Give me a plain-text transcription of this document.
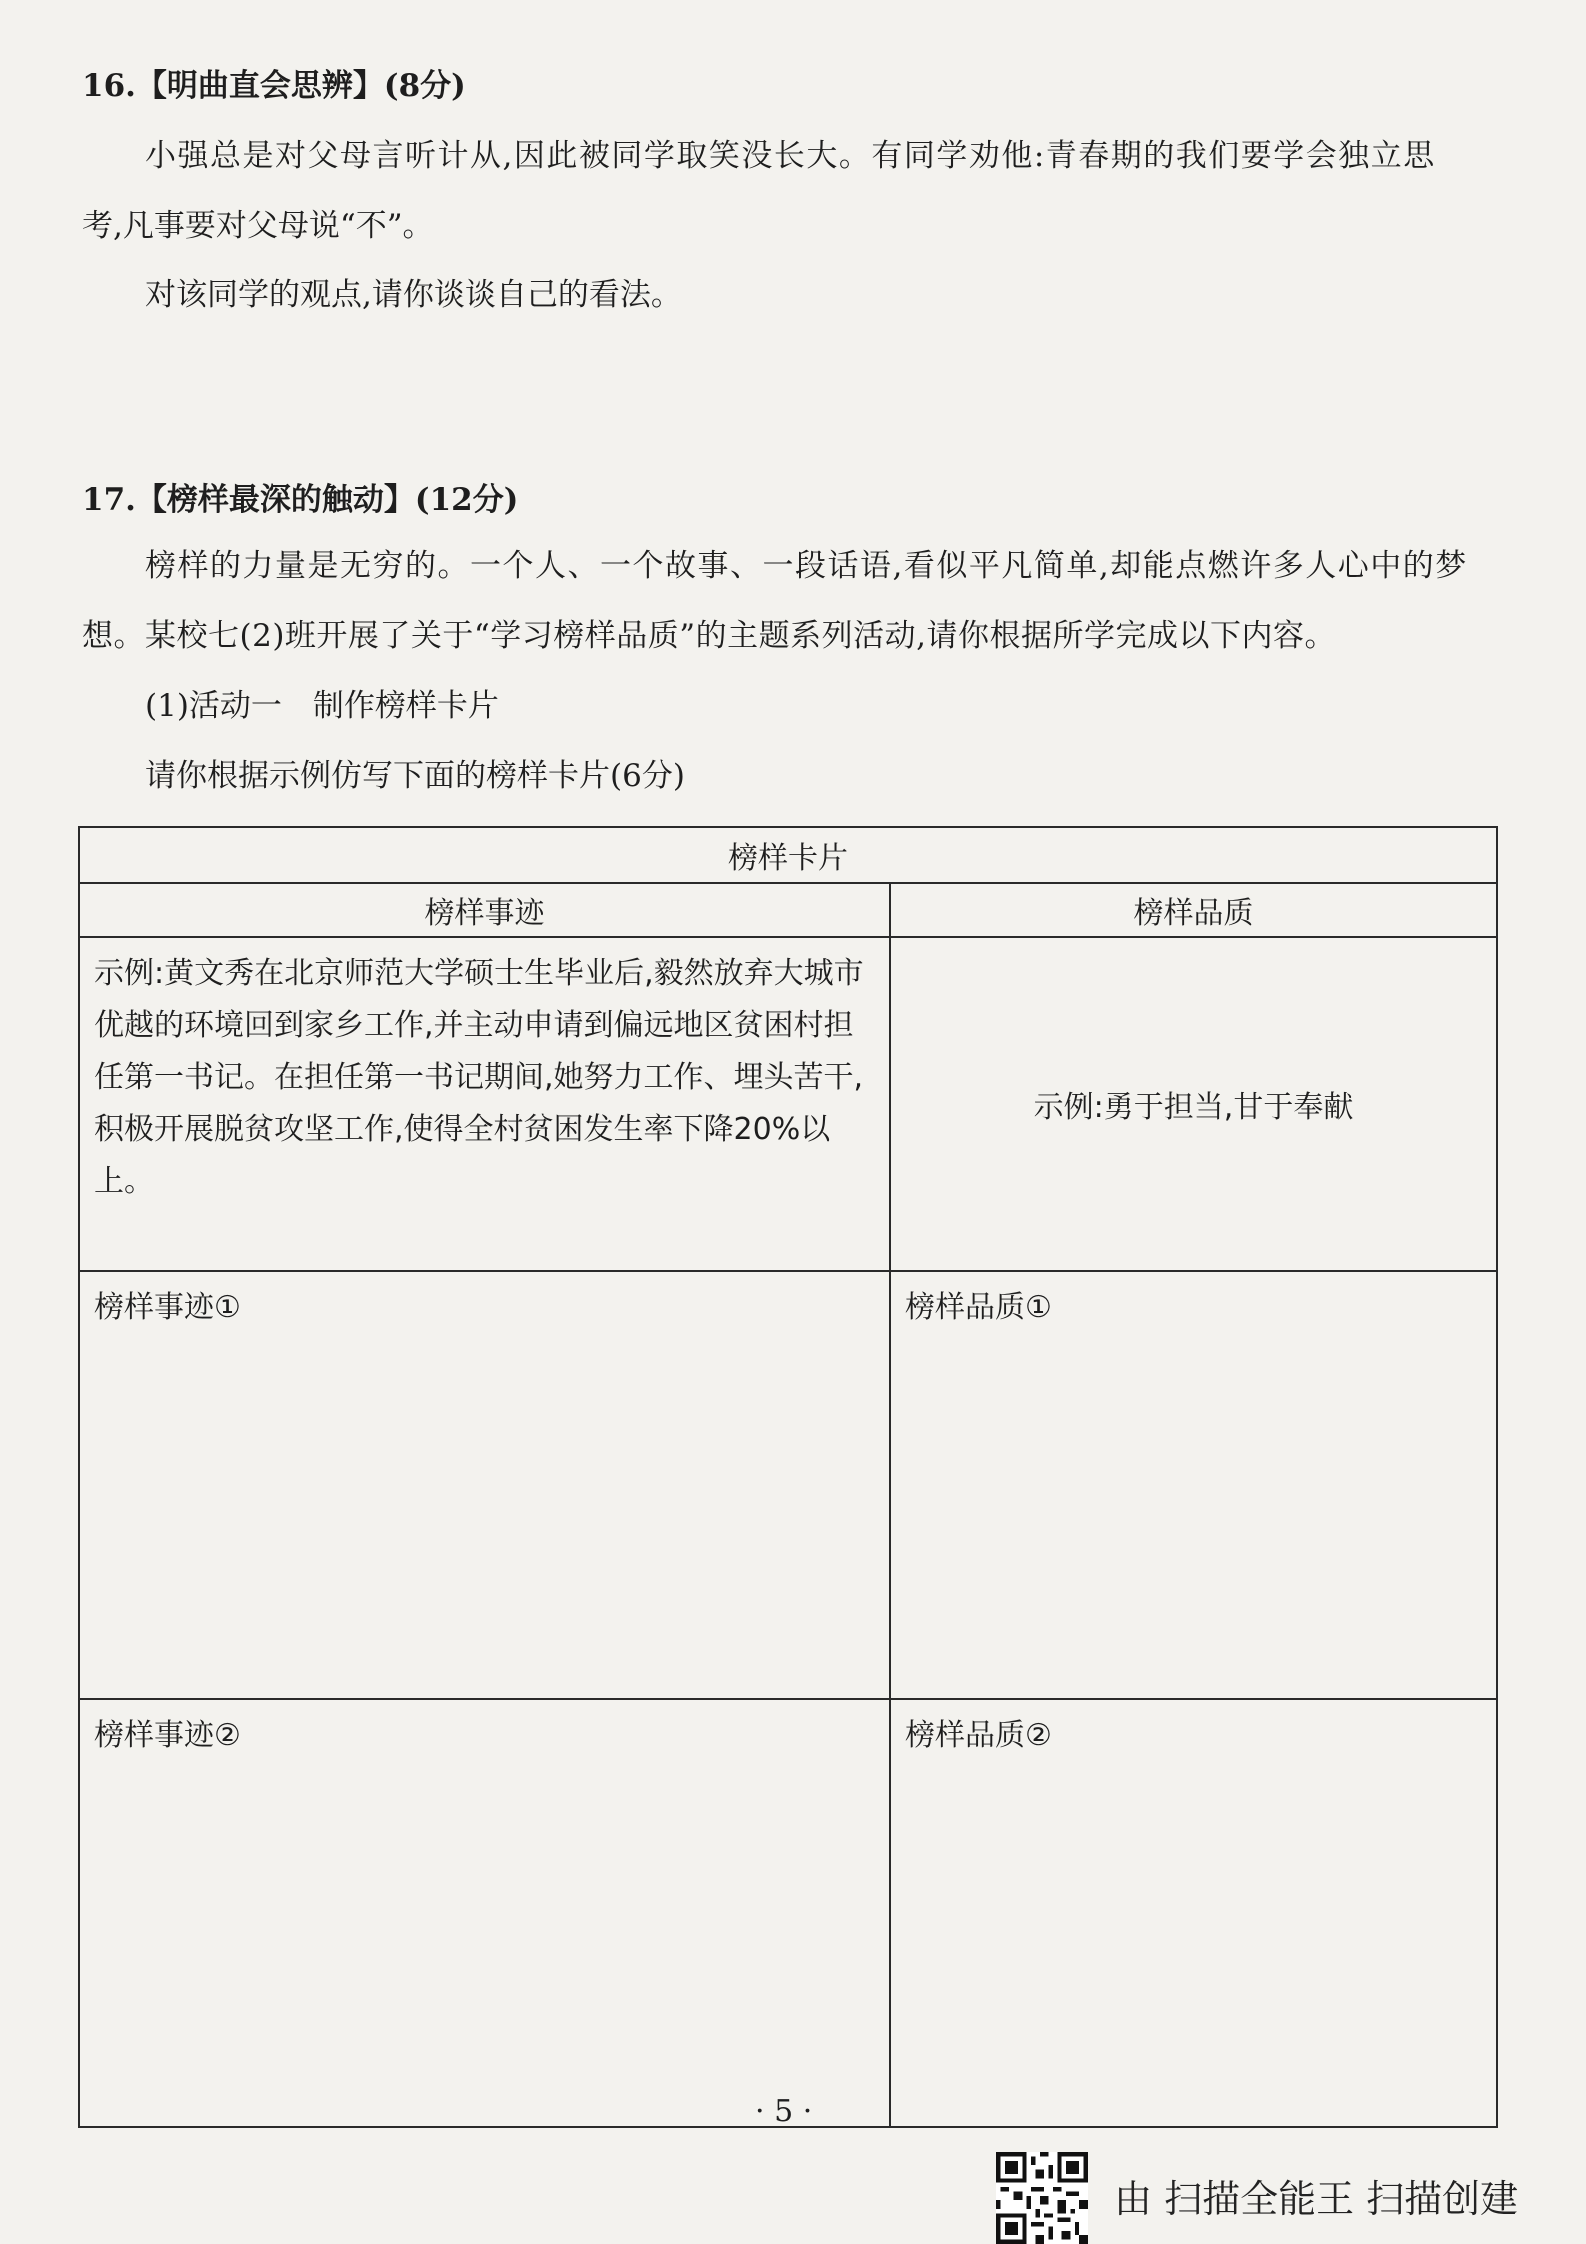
16.【明曲直会思辨】(8分)
小强总是对父母言听计从,因此被同学取笑没长大。有同学劝他:青春期的我们要学会独立思
考,凡事要对父母说“不”。
对该同学的观点,请你谈谈自己的看法。
17.【榜样最深的触动】(12分)
榜样的力量是无穷的。一个人、一个故事、一段话语,看似平凡简单,却能点燃许多人心中的梦
想。某校七(2)班开展了关于“学习榜样品质”的主题系列活动,请你根据所学完成以下内容。
(1)活动一　制作榜样卡片
请你根据示例仿写下面的榜样卡片(6分)
榜样卡片	
榜样事迹	榜样品质
示例:黄文秀在北京师范大学硕士生毕业后,毅然放弃大城市优越的环境回到家乡工作,并主动申请到偏远地区贫困村担任第一书记。在担任第一书记期间,她努力工作、埋头苦干,积极开展脱贫攻坚工作,使得全村贫困发生率下降20%以上。	示例:勇于担当,甘于奉献
榜样事迹①	榜样品质①
榜样事迹②	榜样品质②
· 5 ·
由 扫描全能王 扫描创建
